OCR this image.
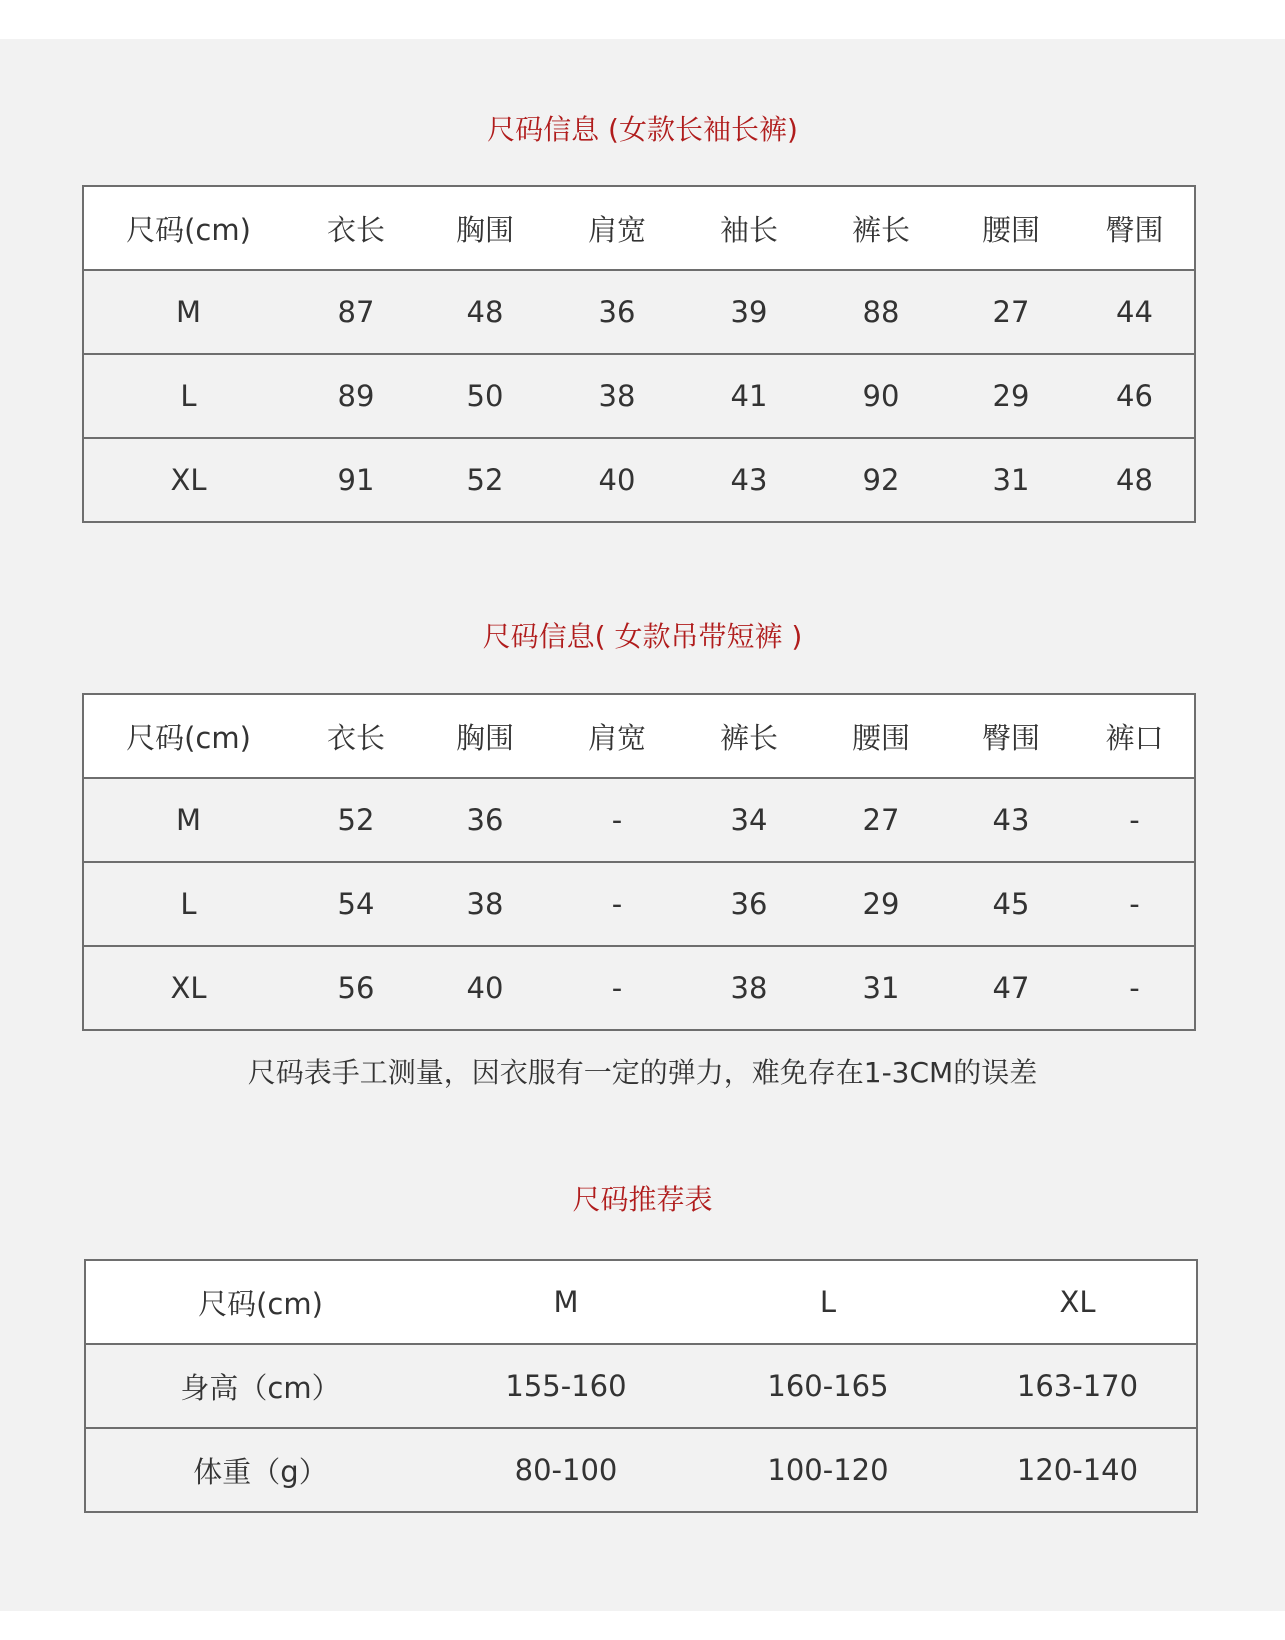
尺码信息 (女款长袖长裤)
尺码(cm)	衣长	胸围	肩宽	袖长	裤长	腰围	臀围
M	87	48	36	39	88	27	44
L	89	50	38	41	90	29	46
XL	91	52	40	43	92	31	48
尺码信息( 女款吊带短裤 )
尺码(cm)	衣长	胸围	肩宽	裤长	腰围	臀围	裤口
M	52	36	-	34	27	43	-
L	54	38	-	36	29	45	-
XL	56	40	-	38	31	47	-
尺码表手工测量，因衣服有一定的弹力，难免存在1-3CM的误差
尺码推荐表
尺码(cm)	M	L	XL
身高（cm）	155-160	160-165	163-170
体重（g）	80-100	100-120	120-140
